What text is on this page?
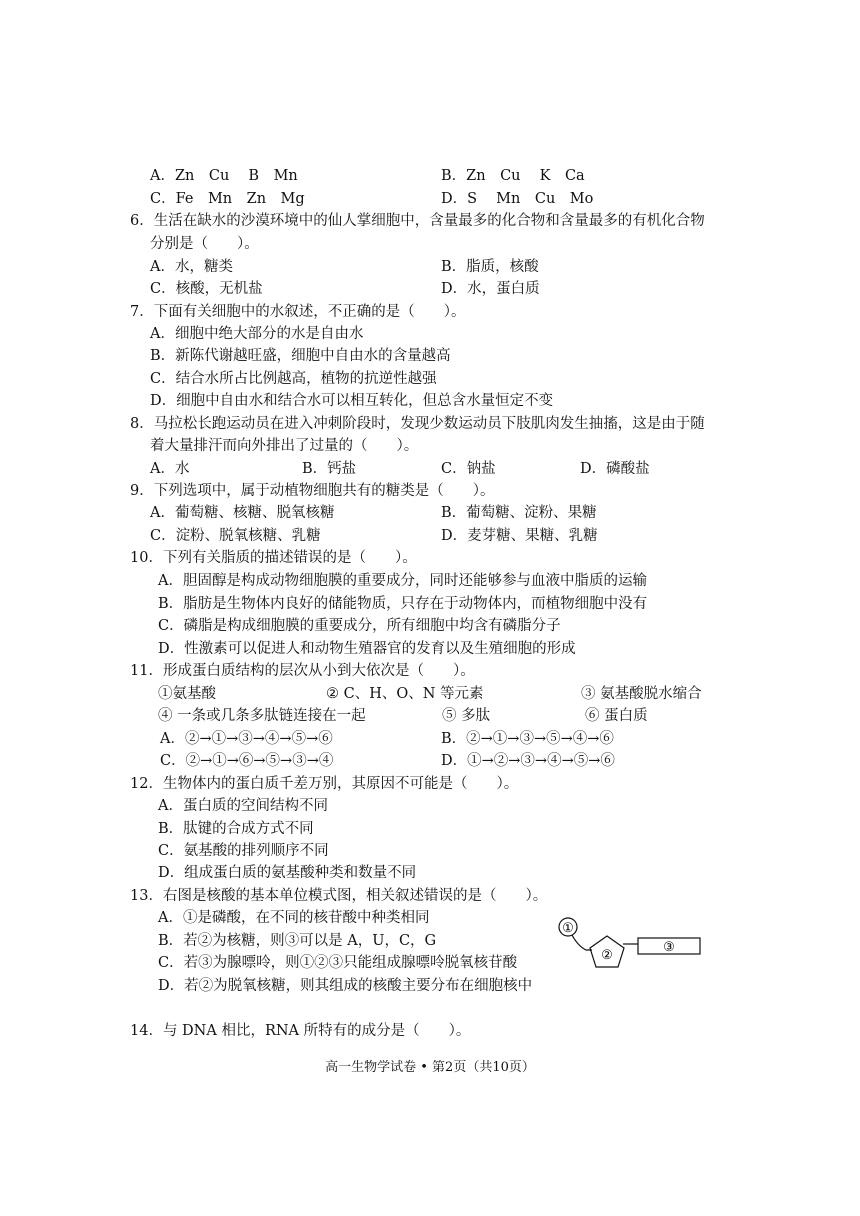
A．Zn　Cu　 B　Mn	B．Zn　Cu　 K　Ca
C．Fe　Mn　Zn　Mg	D．S　 Mn　Cu　Mo
6．生活在缺水的沙漠环境中的仙人掌细胞中，含量最多的化合物和含量最多的有机化合物
分别是（　　）。
A．水，糖类	B．脂质，核酸
C．核酸，无机盐	D．水，蛋白质
7．下面有关细胞中的水叙述，不正确的是（　　）。
A．细胞中绝大部分的水是自由水
B．新陈代谢越旺盛，细胞中自由水的含量越高
C．结合水所占比例越高，植物的抗逆性越强
D．细胞中自由水和结合水可以相互转化，但总含水量恒定不变
8．马拉松长跑运动员在进入冲刺阶段时，发现少数运动员下肢肌肉发生抽搐，这是由于随
着大量排汗而向外排出了过量的（　　）。
A．水	B．钙盐	C．钠盐	D．磷酸盐
9．下列选项中，属于动植物细胞共有的糖类是（　　）。
A．葡萄糖、核糖、脱氧核糖	B．葡萄糖、淀粉、果糖
C．淀粉、脱氧核糖、乳糖	D．麦芽糖、果糖、乳糖
10．下列有关脂质的描述错误的是（　　）。
A．胆固醇是构成动物细胞膜的重要成分，同时还能够参与血液中脂质的运输
B．脂肪是生物体内良好的储能物质，只存在于动物体内，而植物细胞中没有
C．磷脂是构成细胞膜的重要成分，所有细胞中均含有磷脂分子
D．性激素可以促进人和动物生殖器官的发育以及生殖细胞的形成
11．形成蛋白质结构的层次从小到大依次是（　　）。
①氨基酸	② C、H、O、N 等元素	③ 氨基酸脱水缩合
④ 一条或几条多肽链连接在一起	⑤ 多肽	⑥ 蛋白质
A．②→①→③→④→⑤→⑥	B．②→①→③→⑤→④→⑥
C．②→①→⑥→⑤→③→④	D．①→②→③→④→⑤→⑥
12．生物体内的蛋白质千差万别，其原因不可能是（　　）。
A．蛋白质的空间结构不同
B．肽键的合成方式不同
C．氨基酸的排列顺序不同
D．组成蛋白质的氨基酸种类和数量不同
13．右图是核酸的基本单位模式图，相关叙述错误的是（　　）。
A．①是磷酸，在不同的核苷酸中种类相同
B．若②为核糖，则③可以是 A，U，C，G
C．若③为腺嘌呤，则①②③只能组成腺嘌呤脱氧核苷酸
D．若②为脱氧核糖，则其组成的核酸主要分布在细胞核中
①
②
③
14．与 DNA 相比，RNA 所特有的成分是（　　）。
高一生物学试卷 • 第2页（共10页）
